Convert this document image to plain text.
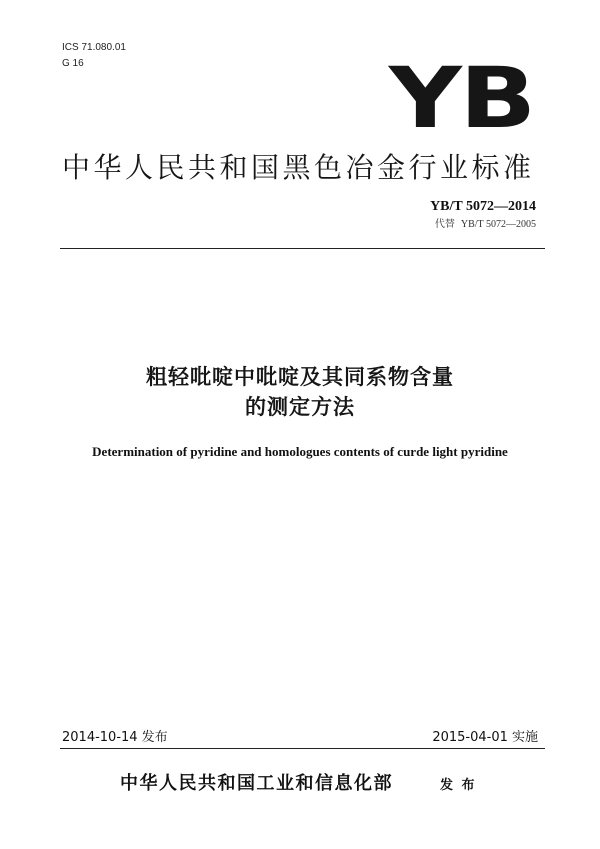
ICS 71.080.01
G 16	YB
中华人民共和国黑色冶金行业标准
YB/T 5072—2014
代替 YB/T 5072—2005
粗轻吡啶中吡啶及其同系物含量
的测定方法
Determination of pyridine and homologues contents of curde light pyridine
2014-10-14 发布	2015-04-01 实施
中华人民共和国工业和信息化部	发 布
